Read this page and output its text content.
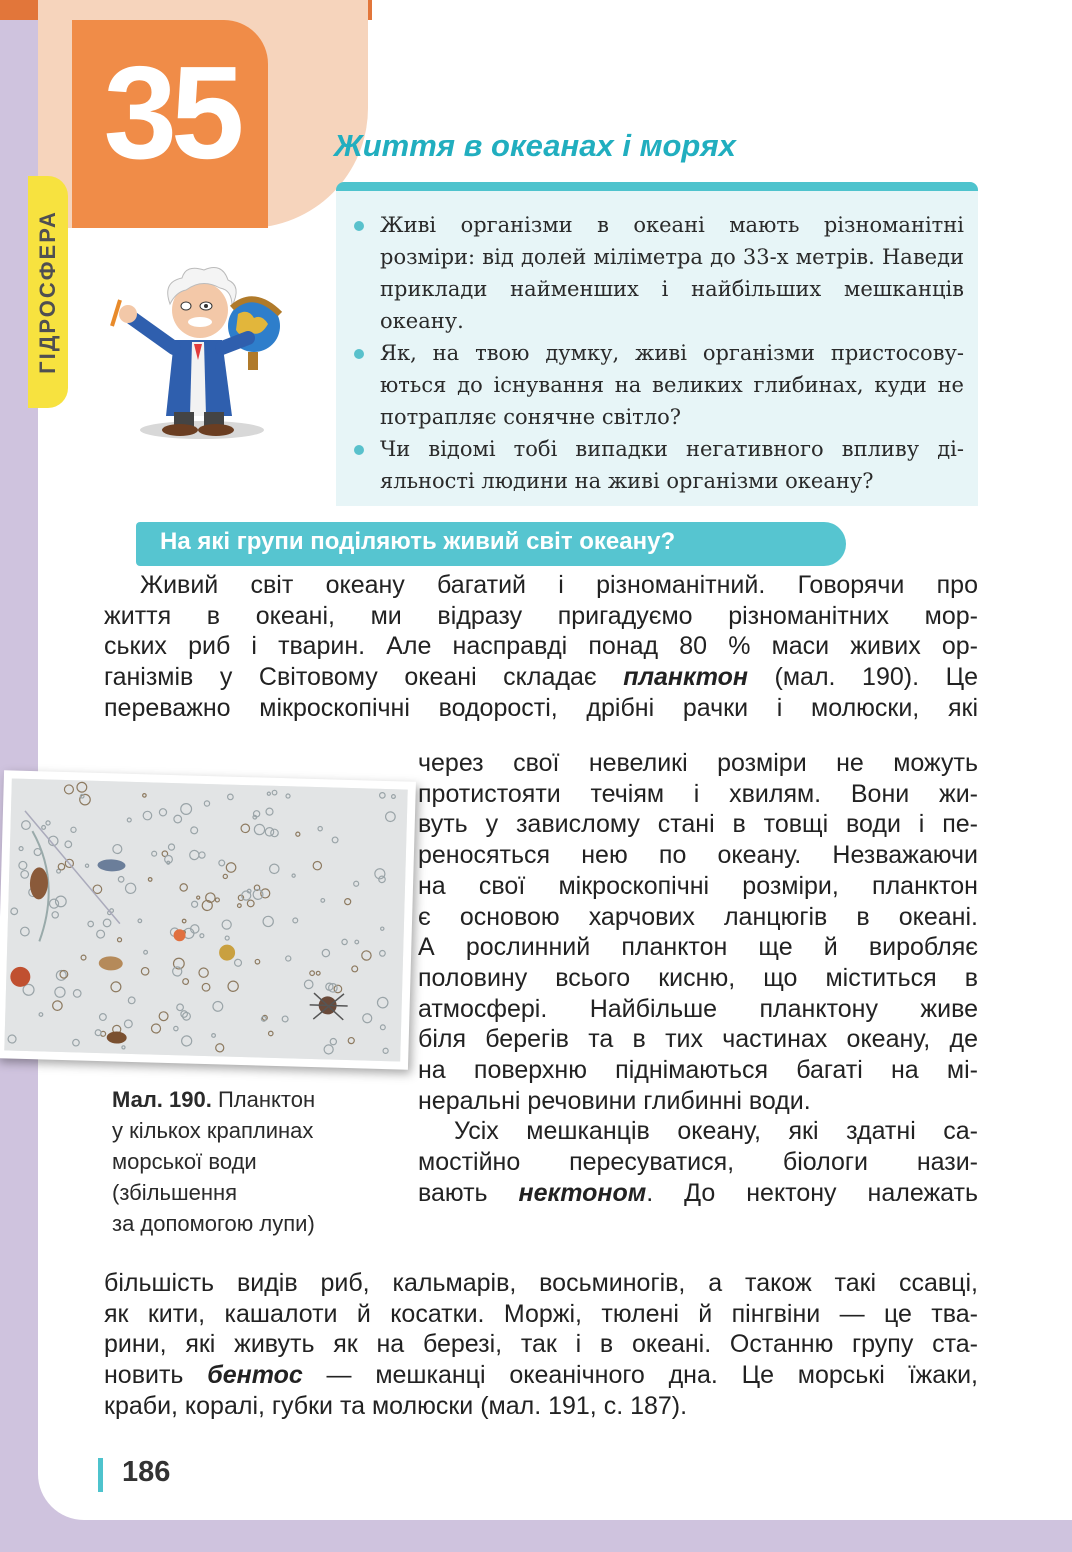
35
ГІДРОСФЕРА
Життя в океанах і морях
Живі організми в океані мають різноманітні розміри: від долей міліметра до 33-х метрів. Наведи приклади найменших і найбільших мешканців океану.
Як, на твою думку, живі організми пристосовуються до існування на великих глибинах, куди не потрапляє сонячне світло?
Чи відомі тобі випадки негативного впливу діяльності людини на живі організми океану?
На які групи поділяють живий світ океану?
Живий світ океану багатий і різноманітний. Говорячи про
життя в океані, ми відразу пригадуємо різноманітних мор-
ських риб і тварин. Але насправді понад 80 % маси живих ор-
ганізмів у Світовому океані складає планктон (мал. 190). Це
переважно мікроскопічні водорості, дрібні рачки і молюски, які
через свої невеликі розміри не можуть
протистояти течіям і хвилям. Вони жи-
вуть у завислому стані в товщі води і пе-
реносяться нею по океану. Незважаючи
на свої мікроскопічні розміри, планктон
є основою харчових ланцюгів в океані.
А рослинний планктон ще й виробляє
половину всього кисню, що міститься в
атмосфері. Найбільше планктону живе
біля берегів та в тих частинах океану, де
на поверхню піднімаються багаті на мі-
неральні речовини глибинні води.
Усіх мешканців океану, які здатні са-
мостійно пересуватися, біологи нази-
вають нектоном. До нектону належать
більшість видів риб, кальмарів, восьминогів, а також такі ссавці,
як кити, кашалоти й косатки. Моржі, тюлені й пінгвіни — це тва-
рини, які живуть як на березі, так і в океані. Останню групу ста-
новить бентос — мешканці океанічного дна. Це морські їжаки,
краби, коралі, губки та молюски (мал. 191, с. 187).
Мал. 190. Планктон
у кількох краплинах
морської води
(збільшення
за допомогою лупи)
186
